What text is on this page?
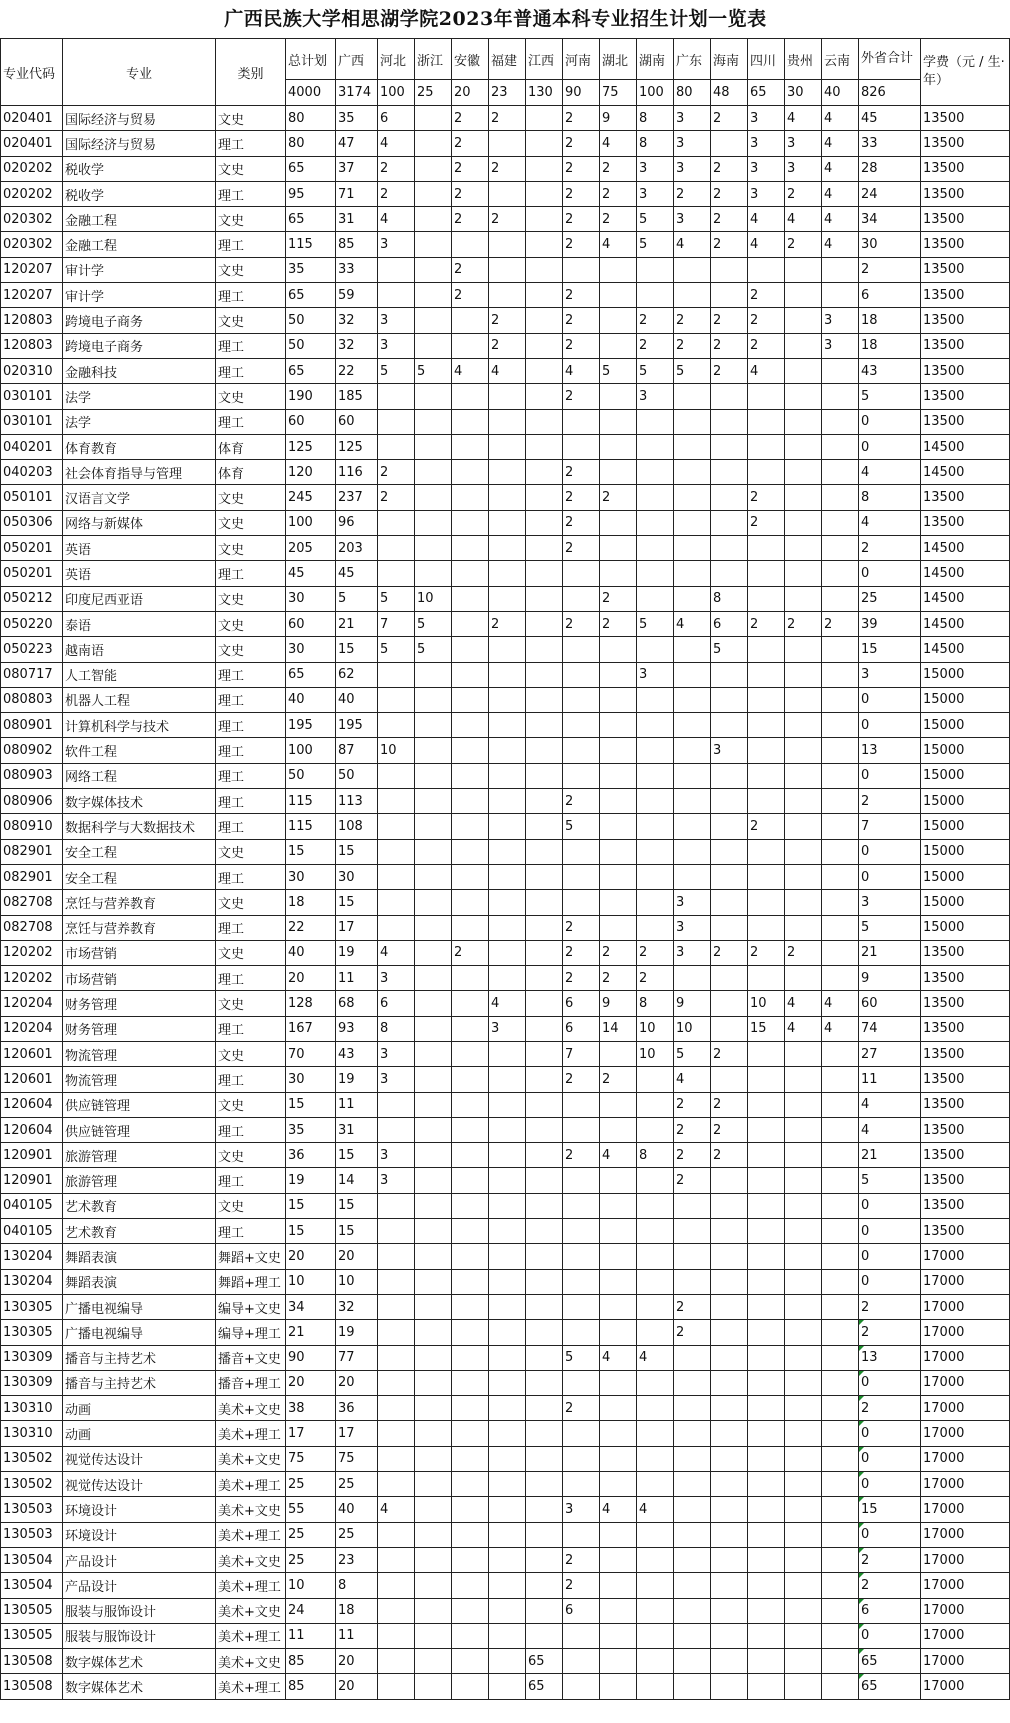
广西民族大学相思湖学院2023年普通本科专业招生计划一览表
专业代码	专业	类别	总计划	广西	河北	浙江	安徽	福建	江西	河南	湖北	湖南	广东	海南	四川	贵州	云南	外省合计	学费（元 / 生·年）
			4000	3174	100	25	20	23	130	90	75	100	80	48	65	30	40	826	
020401	国际经济与贸易	文史	80	35	6		2	2		2	9	8	3	2	3	4	4	45	13500
020401	国际经济与贸易	理工	80	47	4		2			2	4	8	3		3	3	4	33	13500
020202	税收学	文史	65	37	2		2	2		2	2	3	3	2	3	3	4	28	13500
020202	税收学	理工	95	71	2		2			2	2	3	2	2	3	2	4	24	13500
020302	金融工程	文史	65	31	4		2	2		2	2	5	3	2	4	4	4	34	13500
020302	金融工程	理工	115	85	3					2	4	5	4	2	4	2	4	30	13500
120207	审计学	文史	35	33			2											2	13500
120207	审计学	理工	65	59			2			2					2			6	13500
120803	跨境电子商务	文史	50	32	3			2		2		2	2	2	2		3	18	13500
120803	跨境电子商务	理工	50	32	3			2		2		2	2	2	2		3	18	13500
020310	金融科技	理工	65	22	5	5	4	4		4	5	5	5	2	4			43	13500
030101	法学	文史	190	185						2		3						5	13500
030101	法学	理工	60	60														0	13500
040201	体育教育	体育	125	125														0	14500
040203	社会体育指导与管理	体育	120	116	2					2								4	14500
050101	汉语言文学	文史	245	237	2					2	2				2			8	13500
050306	网络与新媒体	文史	100	96						2					2			4	13500
050201	英语	文史	205	203						2								2	14500
050201	英语	理工	45	45														0	14500
050212	印度尼西亚语	文史	30	5	5	10					2			8				25	14500
050220	泰语	文史	60	21	7	5		2		2	2	5	4	6	2	2	2	39	14500
050223	越南语	文史	30	15	5	5								5				15	14500
080717	人工智能	理工	65	62								3						3	15000
080803	机器人工程	理工	40	40														0	15000
080901	计算机科学与技术	理工	195	195														0	15000
080902	软件工程	理工	100	87	10									3				13	15000
080903	网络工程	理工	50	50														0	15000
080906	数字媒体技术	理工	115	113						2								2	15000
080910	数据科学与大数据技术	理工	115	108						5					2			7	15000
082901	安全工程	文史	15	15														0	15000
082901	安全工程	理工	30	30														0	15000
082708	烹饪与营养教育	文史	18	15									3					3	15000
082708	烹饪与营养教育	理工	22	17						2			3					5	15000
120202	市场营销	文史	40	19	4		2			2	2	2	3	2	2	2		21	13500
120202	市场营销	理工	20	11	3					2	2	2						9	13500
120204	财务管理	文史	128	68	6			4		6	9	8	9		10	4	4	60	13500
120204	财务管理	理工	167	93	8			3		6	14	10	10		15	4	4	74	13500
120601	物流管理	文史	70	43	3					7		10	5	2				27	13500
120601	物流管理	理工	30	19	3					2	2		4					11	13500
120604	供应链管理	文史	15	11									2	2				4	13500
120604	供应链管理	理工	35	31									2	2				4	13500
120901	旅游管理	文史	36	15	3					2	4	8	2	2				21	13500
120901	旅游管理	理工	19	14	3								2					5	13500
040105	艺术教育	文史	15	15														0	13500
040105	艺术教育	理工	15	15														0	13500
130204	舞蹈表演	舞蹈+文史	20	20														0	17000
130204	舞蹈表演	舞蹈+理工	10	10														0	17000
130305	广播电视编导	编导+文史	34	32									2					2	17000
130305	广播电视编导	编导+理工	21	19									2					2	17000
130309	播音与主持艺术	播音+文史	90	77						5	4	4						13	17000
130309	播音与主持艺术	播音+理工	20	20														0	17000
130310	动画	美术+文史	38	36						2								2	17000
130310	动画	美术+理工	17	17														0	17000
130502	视觉传达设计	美术+文史	75	75														0	17000
130502	视觉传达设计	美术+理工	25	25														0	17000
130503	环境设计	美术+文史	55	40	4					3	4	4						15	17000
130503	环境设计	美术+理工	25	25														0	17000
130504	产品设计	美术+文史	25	23						2								2	17000
130504	产品设计	美术+理工	10	8						2								2	17000
130505	服装与服饰设计	美术+文史	24	18						6								6	17000
130505	服装与服饰设计	美术+理工	11	11														0	17000
130508	数字媒体艺术	美术+文史	85	20					65									65	17000
130508	数字媒体艺术	美术+理工	85	20					65									65	17000
